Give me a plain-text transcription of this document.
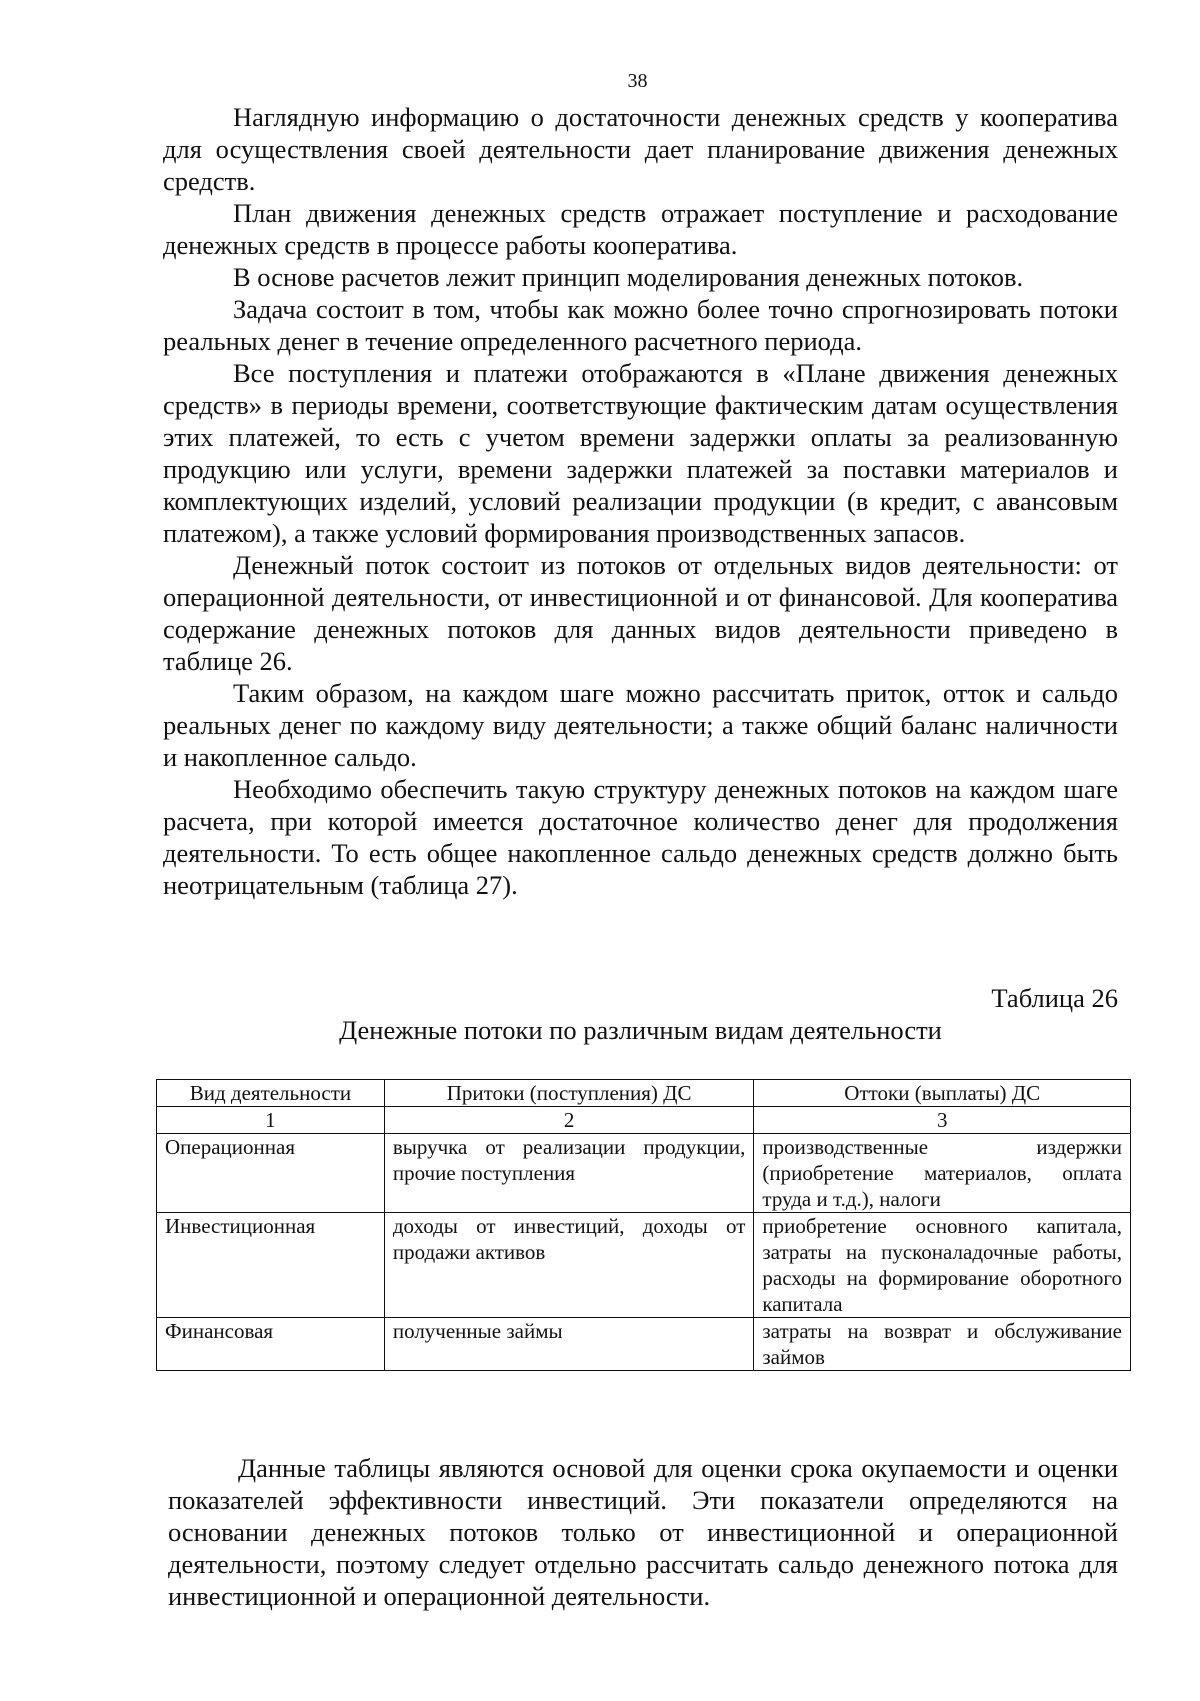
38

Наглядную информацию о достаточности денежных средств у кооператива для осуществления своей деятельности дает планирование движения денежных средств.

План движения денежных средств отражает поступление и расходование денежных средств в процессе работы кооператива.

В основе расчетов лежит принцип моделирования денежных потоков.

Задача состоит в том, чтобы как можно более точно спрогнозировать потоки реальных денег в течение определенного расчетного периода.

Все поступления и платежи отображаются в «Плане движения денежных средств» в периоды времени, соответствующие фактическим датам осуществления этих платежей, то есть с учетом времени задержки оплаты за реализованную продукцию или услуги, времени задержки платежей за поставки материалов и комплектующих изделий, условий реализации продукции (в кредит, с авансовым платежом), а также условий формирования производственных запасов.

Денежный поток состоит из потоков от отдельных видов деятельности: от операционной деятельности, от инвестиционной и от финансовой. Для кооператива содержание денежных потоков для данных видов деятельности приведено в таблице 26.

Таким образом, на каждом шаге можно рассчитать приток, отток и сальдо реальных денег по каждому виду деятельности; а также общий баланс наличности и накопленное сальдо.

Необходимо обеспечить такую структуру денежных потоков на каждом шаге расчета, при которой имеется достаточное количество денег для продолжения деятельности. То есть общее накопленное сальдо денежных средств должно быть неотрицательным (таблица 27).

Таблица 26
Денежные потоки по различным видам деятельности
Вид деятельности	Притоки (поступления) ДС	Оттоки (выплаты) ДС
1	2	3
Операционная	выручка от реализации продукции, прочие поступления	производственные издержки (приобретение материалов, оплата труда и т.д.), налоги
Инвестиционная	доходы от инвестиций, доходы от продажи активов	приобретение основного капитала, затраты на пусконаладочные работы, расходы на формирование оборотного капитала
Финансовая	полученные займы	затраты на возврат и обслуживание займов

Данные таблицы являются основой для оценки срока окупаемости и оценки показателей эффективности инвестиций. Эти показатели определяются на основании денежных потоков только от инвестиционной и операционной деятельности, поэтому следует отдельно рассчитать сальдо денежного потока для инвестиционной и операционной деятельности.
